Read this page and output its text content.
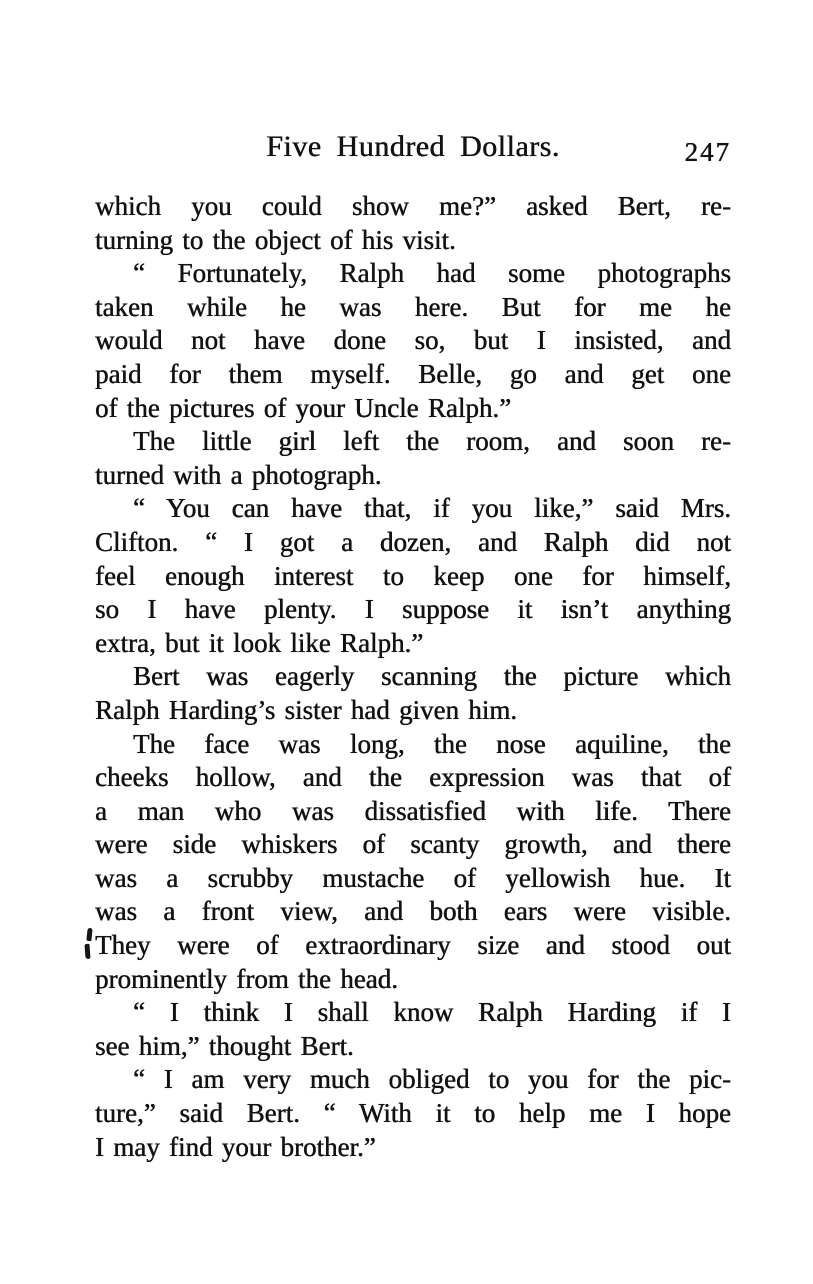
Five Hundred Dollars.	247
which you could show me?” asked Bert, re-
turning to the object of his visit.
“ Fortunately, Ralph had some photographs
taken while he was here. But for me he
would not have done so, but I insisted, and
paid for them myself. Belle, go and get one
of the pictures of your Uncle Ralph.”
The little girl left the room, and soon re-
turned with a photograph.
“ You can have that, if you like,” said Mrs.
Clifton. “ I got a dozen, and Ralph did not
feel enough interest to keep one for himself,
so I have plenty. I suppose it isn’t anything
extra, but it look like Ralph.”
Bert was eagerly scanning the picture which
Ralph Harding’s sister had given him.
The face was long, the nose aquiline, the
cheeks hollow, and the expression was that of
a man who was dissatisfied with life. There
were side whiskers of scanty growth, and there
was a scrubby mustache of yellowish hue. It
was a front view, and both ears were visible.
They were of extraordinary size and stood out
prominently from the head.
“ I think I shall know Ralph Harding if I
see him,” thought Bert.
“ I am very much obliged to you for the pic-
ture,” said Bert. “ With it to help me I hope
I may find your brother.”
